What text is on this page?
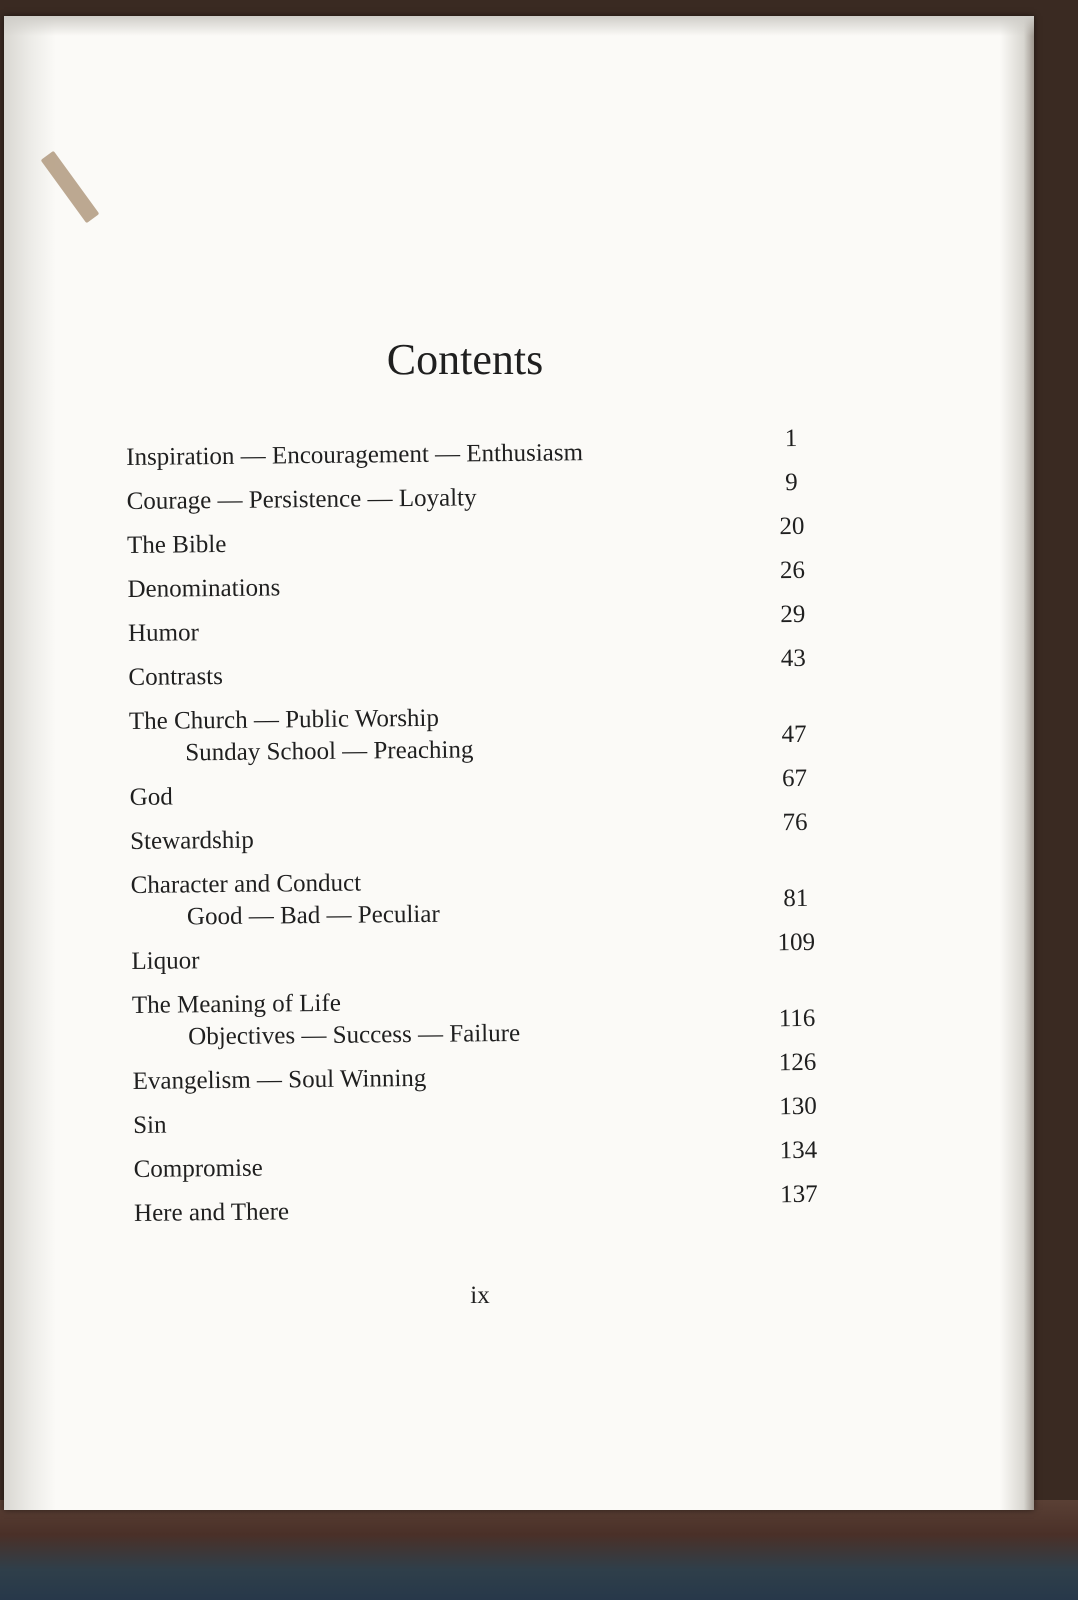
Contents
Inspiration — Encouragement — Enthusiasm
1
Courage — Persistence — Loyalty
9
The Bible
20
Denominations
26
Humor
29
Contrasts
43
The Church — Public Worship
Sunday School — Preaching
47
God
67
Stewardship
76
Character and Conduct
Good — Bad — Peculiar
81
Liquor
109
The Meaning of Life
Objectives — Success — Failure
116
Evangelism — Soul Winning
126
Sin
130
Compromise
134
Here and There
137
ix
